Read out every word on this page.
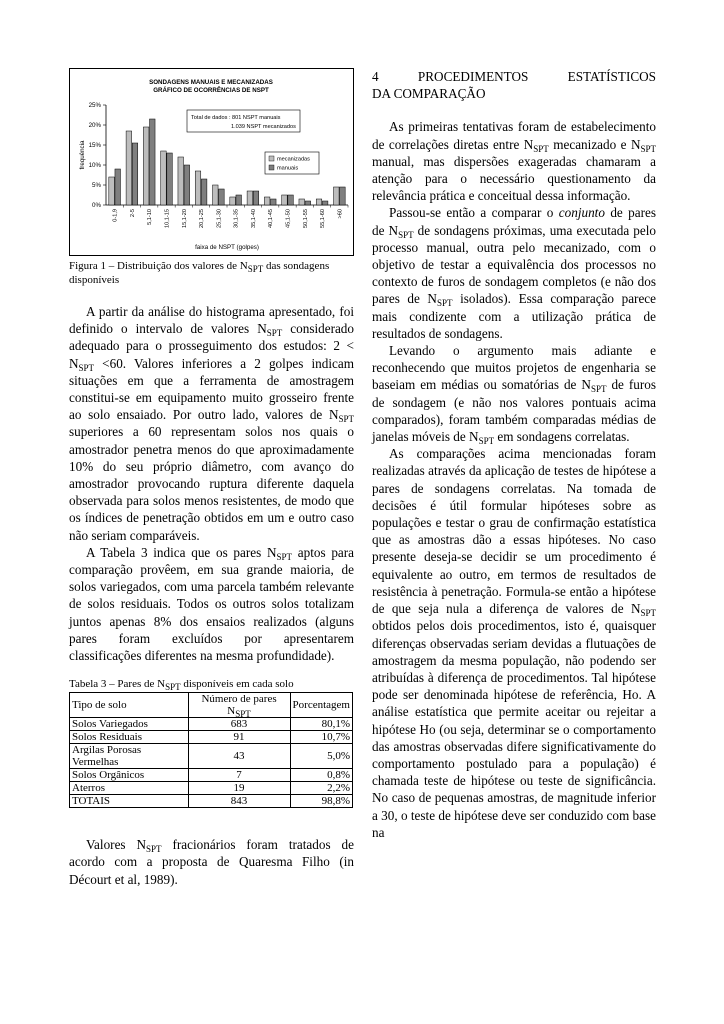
SONDAGENS MANUAIS E MECANIZADAS
GRÁFICO DE OCORRÊNCIAS DE NSPT
25%
20%
15%
10%
5%
0%
frequência
0-1,9 2-5 5,1-10 10,1-15 15,1-20 20,1-25 25,1-30 30,1-35 35,1-40 40,1-45 45,1-50 50,1-55 55,1-60 >60
faixa de NSPT (golpes)
Total de dados : 801 NSPT manuais
1.039 NSPT mecanizados
mecanizadas
manuais

Figura 1 – Distribuição dos valores de $N_{SPT}$ das sondagens disponíveis

A partir da análise do histograma apresentado, foi definido o intervalo de valores $N_{SPT}$ considerado adequado para o prosseguimento dos estudos: $2 < N_{SPT} <60$. Valores inferiores a 2 golpes indicam situações em que a ferramenta de amostragem constitui-se em equipamento muito grosseiro frente ao solo ensaiado. Por outro lado, valores de $N_{SPT}$ superiores a 60 representam solos nos quais o amostrador penetra menos do que aproximadamente 10% do seu próprio diâmetro, com avanço do amostrador provocando ruptura diferente daquela observada para solos menos resistentes, de modo que os índices de penetração obtidos em um e outro caso não seriam comparáveis.

A Tabela 3 indica que os pares $N_{SPT}$ aptos para comparação provêem, em sua grande maioria, de solos variegados, com uma parcela também relevante de solos residuais. Todos os outros solos totalizam juntos apenas 8% dos ensaios realizados (alguns pares foram excluídos por apresentarem classificações diferentes na mesma profundidade).

Tabela 3 – Pares de $N_{SPT}$ disponíveis em cada solo

Tipo de solo	Número de pares $N_{SPT}$	Porcentagem
Solos Variegados	683	80,1%
Solos Residuais	91	10,7%
Argilas Porosas Vermelhas	43	5,0%
Solos Orgânicos	7	0,8%
Aterros	19	2,2%
TOTAIS	843	98,8%

Valores $N_{SPT}$ fracionários foram tratados de acordo com a proposta de Quaresma Filho (in Décourt et al, 1989).

4	PROCEDIMENTOS	ESTATÍSTICOS
DA COMPARAÇÃO

As primeiras tentativas foram de estabelecimento de correlações diretas entre $N_{SPT}$ mecanizado e $N_{SPT}$ manual, mas dispersões exageradas chamaram a atenção para o necessário questionamento da relevância prática e conceitual dessa informação.

Passou-se então a comparar o conjunto de pares de $N_{SPT}$ de sondagens próximas, uma executada pelo processo manual, outra pelo mecanizado, com o objetivo de testar a equivalência dos processos no contexto de furos de sondagem completos (e não dos pares de $N_{SPT}$ isolados). Essa comparação parece mais condizente com a utilização prática de resultados de sondagens.

Levando o argumento mais adiante e reconhecendo que muitos projetos de engenharia se baseiam em médias ou somatórias de $N_{SPT}$ de furos de sondagem (e não nos valores pontuais acima comparados), foram também comparadas médias de janelas móveis de $N_{SPT}$ em sondagens correlatas.

As comparações acima mencionadas foram realizadas através da aplicação de testes de hipótese a pares de sondagens correlatas. Na tomada de decisões é útil formular hipóteses sobre as populações e testar o grau de confirmação estatística que as amostras dão a essas hipóteses. No caso presente deseja-se decidir se um procedimento é equivalente ao outro, em termos de resultados de resistência à penetração. Formula-se então a hipótese de que seja nula a diferença de valores de $N_{SPT}$ obtidos pelos dois procedimentos, isto é, quaisquer diferenças observadas seriam devidas a flutuações de amostragem da mesma população, não podendo ser atribuídas à diferença de procedimentos. Tal hipótese pode ser denominada hipótese de referência, Ho. A análise estatística que permite aceitar ou rejeitar a hipótese Ho (ou seja, determinar se o comportamento das amostras observadas difere significativamente do comportamento postulado para a população) é chamada teste de hipótese ou teste de significância. No caso de pequenas amostras, de magnitude inferior a 30, o teste de hipótese deve ser conduzido com base na
